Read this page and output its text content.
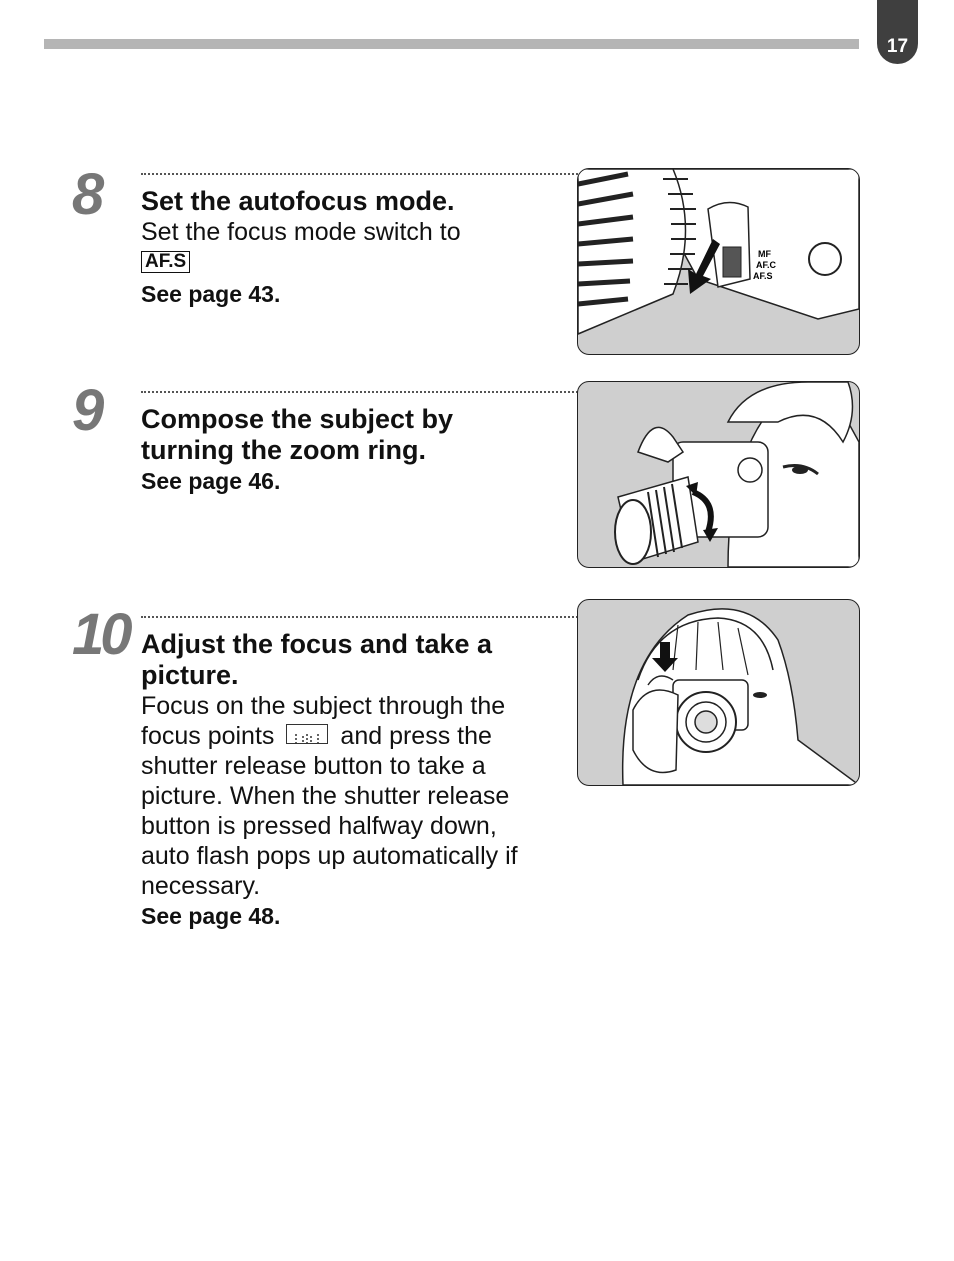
17
8 Set the autofocus mode.

Set the focus mode switch to

AF.S

See page 43.

MF
AF.C
AF.S
9 Compose the subject by turning the zoom ring.

See page 46.

10 Adjust the focus and take a picture.

Focus on the subject through the focus points	and press the shutter release button to take a picture. When the shutter release button is pressed halfway down, auto flash pops up automatically if necessary.

See page 48.
